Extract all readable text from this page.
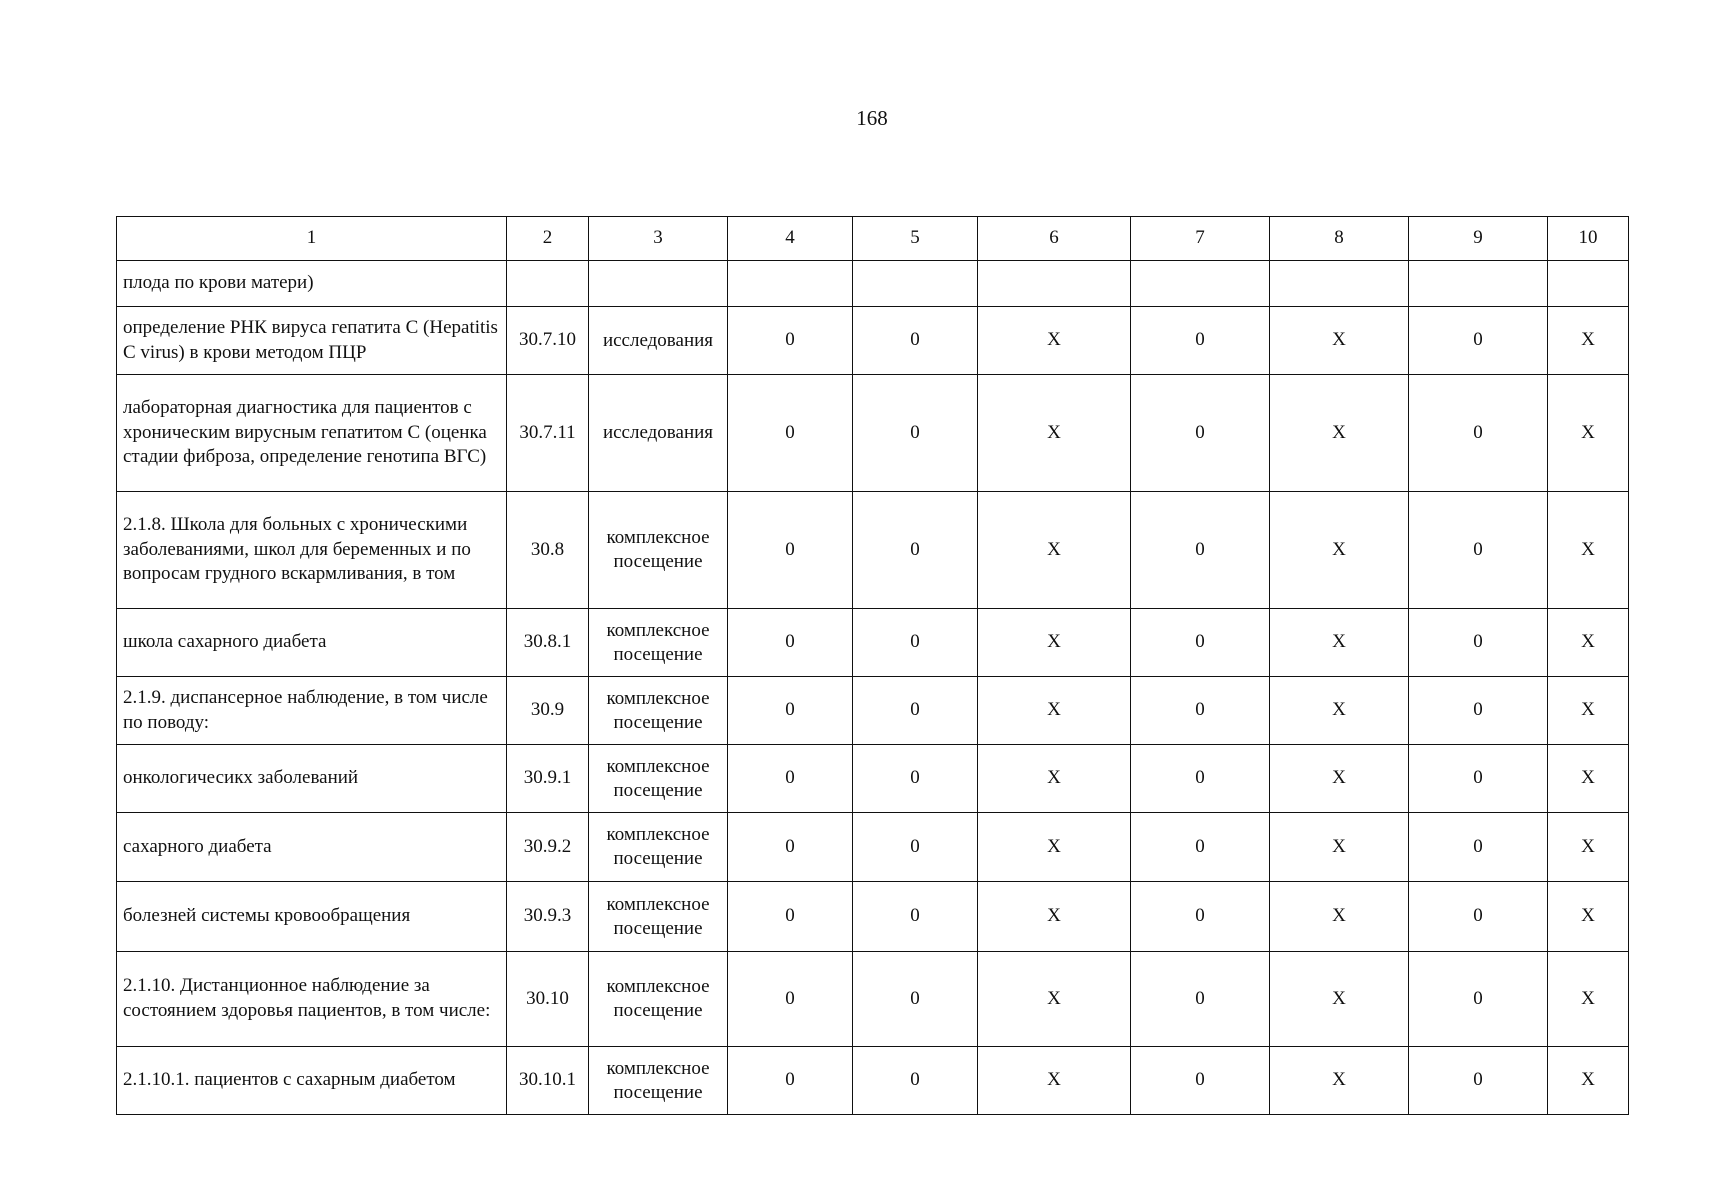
168
1	2	3	4	5	6	7	8	9	10
плода по крови матери)									
определение РНК вируса гепатита С (Hepatitis C virus) в крови методом ПЦР	30.7.10	исследования	0	0	X	0	X	0	X
лабораторная диагностика для пациентов с хроническим вирусным гепатитом С (оценка стадии фиброза, определение генотипа ВГС)	30.7.11	исследования	0	0	X	0	X	0	X
2.1.8. Школа для больных с хроническими заболеваниями, школ для беременных и по вопросам грудного вскармливания, в том	30.8	комплексное посещение	0	0	X	0	X	0	X
школа сахарного диабета	30.8.1	комплексное посещение	0	0	X	0	X	0	X
2.1.9. диспансерное наблюдение, в том числе по поводу:	30.9	комплексное посещение	0	0	X	0	X	0	X
онкологичесикх заболеваний	30.9.1	комплексное посещение	0	0	X	0	X	0	X
сахарного диабета	30.9.2	комплексное посещение	0	0	X	0	X	0	X
болезней системы кровообращения	30.9.3	комплексное посещение	0	0	X	0	X	0	X
2.1.10. Дистанционное наблюдение за состоянием здоровья пациентов, в том числе:	30.10	комплексное посещение	0	0	X	0	X	0	X
2.1.10.1. пациентов с сахарным диабетом	30.10.1	комплексное посещение	0	0	X	0	X	0	X
